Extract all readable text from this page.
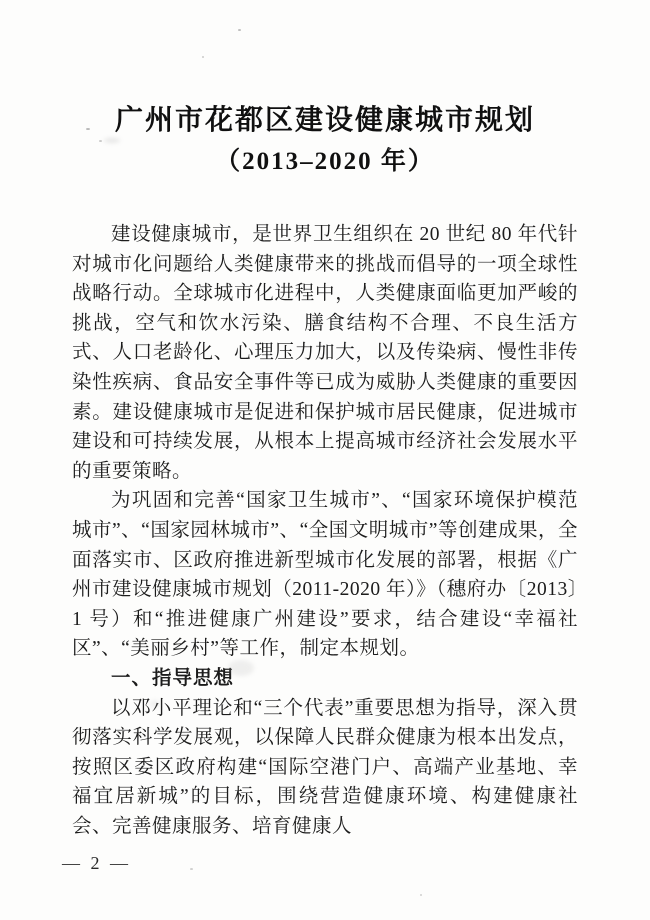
广州市花都区建设健康城市规划
（2013–2020 年）

建设健康城市，是世界卫生组织在 20 世纪 80 年代针对城市化问题给人类健康带来的挑战而倡导的一项全球性战略行动。全球城市化进程中，人类健康面临更加严峻的挑战，空气和饮水污染、膳食结构不合理、不良生活方式、人口老龄化、心理压力加大，以及传染病、慢性非传染性疾病、食品安全事件等已成为威胁人类健康的重要因素。建设健康城市是促进和保护城市居民健康，促进城市建设和可持续发展，从根本上提高城市经济社会发展水平的重要策略。

为巩固和完善“国家卫生城市”、“国家环境保护模范城市”、“国家园林城市”、“全国文明城市”等创建成果，全面落实市、区政府推进新型城市化发展的部署，根据《广州市建设健康城市规划（2011-2020 年）》（穗府办〔2013〕1 号）和“推进健康广州建设”要求，结合建设“幸福社区”、“美丽乡村”等工作，制定本规划。

一、指导思想

以邓小平理论和“三个代表”重要思想为指导，深入贯彻落实科学发展观，以保障人民群众健康为根本出发点，按照区委区政府构建“国际空港门户、高端产业基地、幸福宜居新城”的目标，围绕营造健康环境、构建健康社会、完善健康服务、培育健康人

— 2 —
